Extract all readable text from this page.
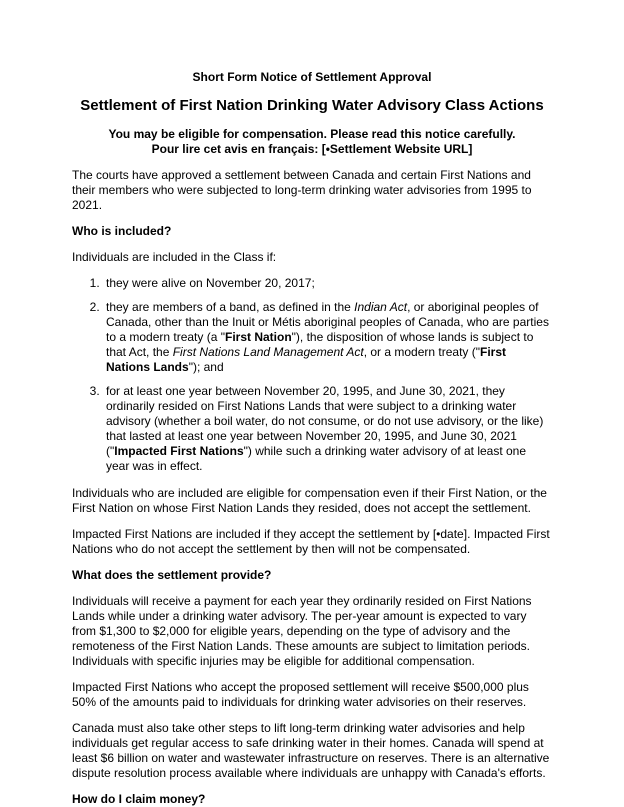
Short Form Notice of Settlement Approval

Settlement of First Nation Drinking Water Advisory Class Actions

You may be eligible for compensation. Please read this notice carefully.
Pour lire cet avis en français: [•Settlement Website URL]

The courts have approved a settlement between Canada and certain First Nations and their members who were subjected to long-term drinking water advisories from 1995 to 2021.

Who is included?

Individuals are included in the Class if:

1. they were alive on November 20, 2017;
2. they are members of a band, as defined in the Indian Act, or aboriginal peoples of Canada, other than the Inuit or Métis aboriginal peoples of Canada, who are parties to a modern treaty (a "First Nation"), the disposition of whose lands is subject to that Act, the First Nations Land Management Act, or a modern treaty ("First Nations Lands"); and
3. for at least one year between November 20, 1995, and June 30, 2021, they ordinarily resided on First Nations Lands that were subject to a drinking water advisory (whether a boil water, do not consume, or do not use advisory, or the like) that lasted at least one year between November 20, 1995, and June 30, 2021 ("Impacted First Nations") while such a drinking water advisory of at least one year was in effect.

Individuals who are included are eligible for compensation even if their First Nation, or the First Nation on whose First Nation Lands they resided, does not accept the settlement.

Impacted First Nations are included if they accept the settlement by [•date]. Impacted First Nations who do not accept the settlement by then will not be compensated.

What does the settlement provide?

Individuals will receive a payment for each year they ordinarily resided on First Nations Lands while under a drinking water advisory. The per-year amount is expected to vary from $1,300 to $2,000 for eligible years, depending on the type of advisory and the remoteness of the First Nation Lands. These amounts are subject to limitation periods. Individuals with specific injuries may be eligible for additional compensation.

Impacted First Nations who accept the proposed settlement will receive $500,000 plus 50% of the amounts paid to individuals for drinking water advisories on their reserves.

Canada must also take other steps to lift long-term drinking water advisories and help individuals get regular access to safe drinking water in their homes. Canada will spend at least $6 billion on water and wastewater infrastructure on reserves. There is an alternative dispute resolution process available where individuals are unhappy with Canada's efforts.

How do I claim money?
